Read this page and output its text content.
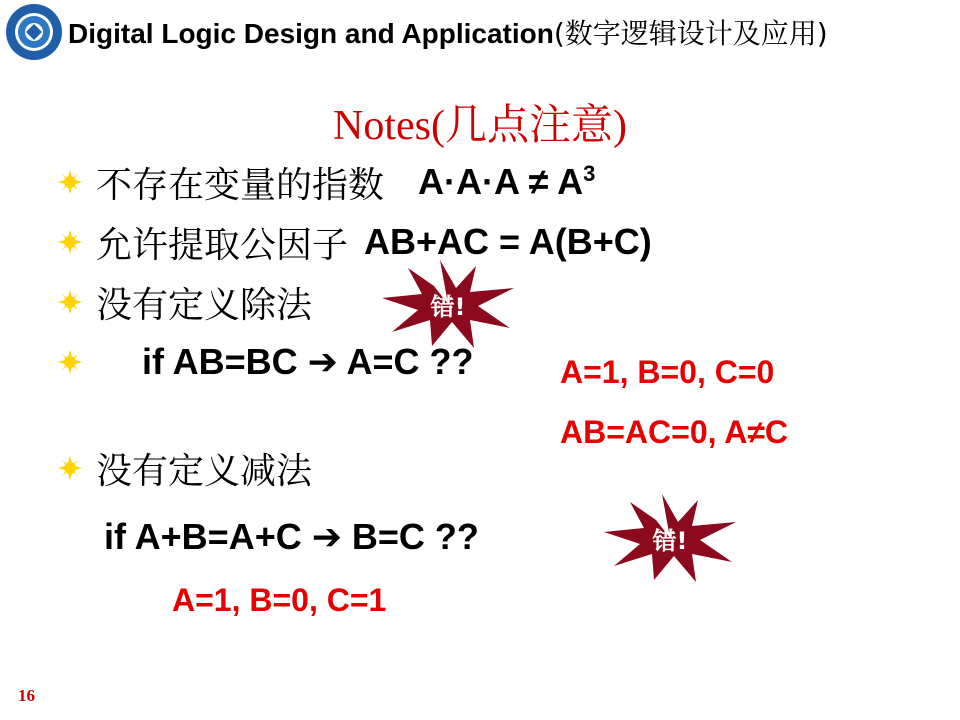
Digital Logic Design and Application(数字逻辑设计及应用)
Notes(几点注意)
不存在变量的指数 $A\cdot A\cdot A \ne A^3$
允许提取公因子 AB+AC = A(B+C)
没有定义除法	错!
if AB=BC ➔ A=C ??	A=1, B=0, C=0
AB=AC=0, A≠C
没有定义减法
if A+B=A+C ➔ B=C ??	错!
A=1, B=0, C=1
16
